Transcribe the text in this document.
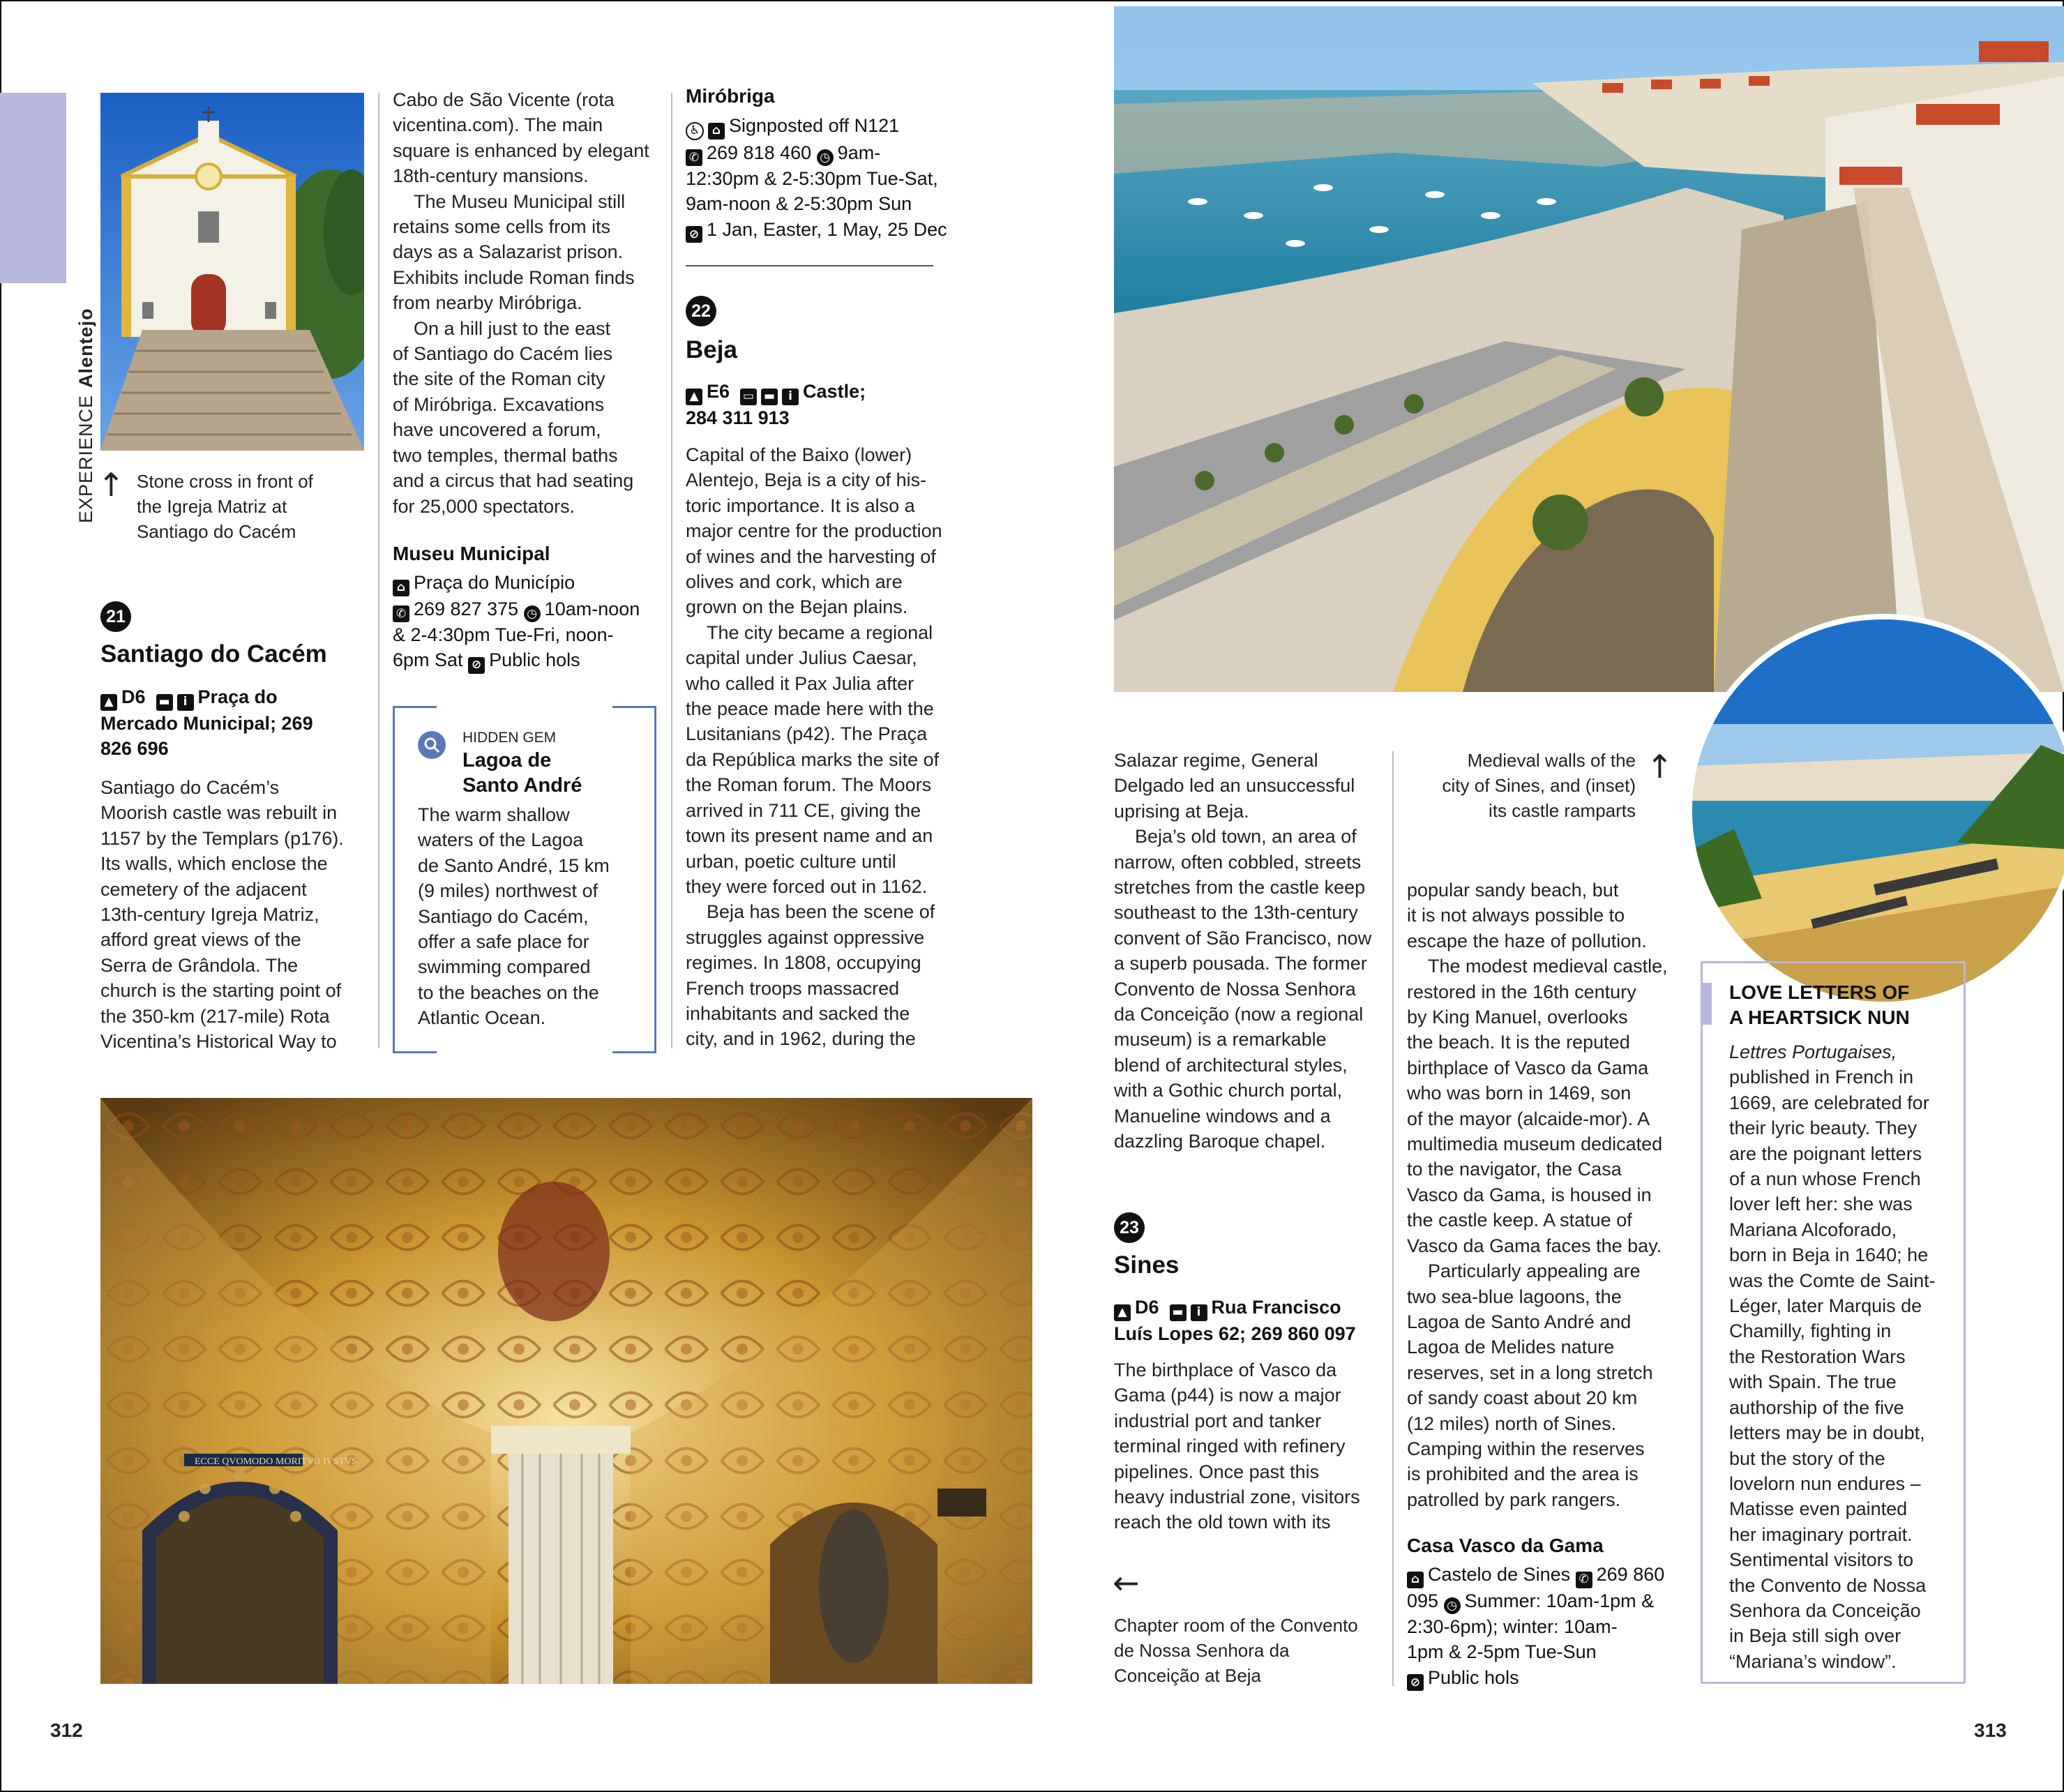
EXPERIENCEAlentejo
↑ Stone cross in front of
the Igreja Matriz at
Santiago do Cacém
21
Santiago do Cacém
▲ D6 ▬ i Praça do
Mercado Municipal; 269
826 696

Santiago do Cacém’s

Moorish castle was rebuilt in

1157 by the Templars (p176).

Its walls, which enclose the

cemetery of the adjacent

13th-century Igreja Matriz,

afford great views of the

Serra de Grândola. The

church is the starting point of

the 350-km (217-mile) Rota

Vicentina’s Historical Way to

Cabo de São Vicente (rota

vicentina.com). The main

square is enhanced by elegant

18th-century mansions.

The Museu Municipal still

retains some cells from its

days as a Salazarist prison.

Exhibits include Roman finds

from nearby Miróbriga.

On a hill just to the east

of Santiago do Cacém lies

the site of the Roman city

of Miróbriga. Excavations

have uncovered a forum,

two temples, thermal baths

and a circus that had seating

for 25,000 spectators.

Museu Municipal
⌂ Praça do Município
✆ 269 827 375 ◷ 10am-noon
& 2-4:30pm Tue-Fri, noon-
6pm Sat ⊘ Public hols
HIDDEN GEM
Lagoa de
Santo André

The warm shallow

waters of the Lagoa

de Santo André, 15 km

(9 miles) northwest of

Santiago do Cacém,

offer a safe place for

swimming compared

to the beaches on the

Atlantic Ocean.

Miróbriga
♿ ⌂ Signposted off N121
✆ 269 818 460 ◷ 9am-
12:30pm & 2-5:30pm Tue-Sat,
9am-noon & 2-5:30pm Sun
⊘ 1 Jan, Easter, 1 May, 25 Dec
22
Beja
▲ E6 ▭ ▬ i Castle;
284 311 913

Capital of the Baixo (lower)

Alentejo, Beja is a city of his-

toric importance. It is also a

major centre for the production

of wines and the harvesting of

olives and cork, which are

grown on the Bejan plains.

The city became a regional

capital under Julius Caesar,

who called it Pax Julia after

the peace made here with the

Lusitanians (p42). The Praça

da República marks the site of

the Roman forum. The Moors

arrived in 711 CE, giving the

town its present name and an

urban, poetic culture until

they were forced out in 1162.

Beja has been the scene of

struggles against oppressive

regimes. In 1808, occupying

French troops massacred

inhabitants and sacked the

city, and in 1962, during the

ECCE QVOMODO MORITVR IVSTVS
312

Salazar regime, General

Delgado led an unsuccessful

uprising at Beja.

Beja’s old town, an area of

narrow, often cobbled, streets

stretches from the castle keep

southeast to the 13th-century

convent of São Francisco, now

a superb pousada. The former

Convento de Nossa Senhora

da Conceição (now a regional

museum) is a remarkable

blend of architectural styles,

with a Gothic church portal,

Manueline windows and a

dazzling Baroque chapel.

23
Sines
▲ D6 ▬ i Rua Francisco
Luís Lopes 62; 269 860 097

The birthplace of Vasco da

Gama (p44) is now a major

industrial port and tanker

terminal ringed with refinery

pipelines. Once past this

heavy industrial zone, visitors

reach the old town with its

←
Chapter room of the Convento
de Nossa Senhora da
Conceição at Beja
Medieval walls of the
city of Sines, and (inset)
its castle ramparts
↑

popular sandy beach, but

it is not always possible to

escape the haze of pollution.

The modest medieval castle,

restored in the 16th century

by King Manuel, overlooks

the beach. It is the reputed

birthplace of Vasco da Gama

who was born in 1469, son

of the mayor (alcaide-mor). A

multimedia museum dedicated

to the navigator, the Casa

Vasco da Gama, is housed in

the castle keep. A statue of

Vasco da Gama faces the bay.

Particularly appealing are

two sea-blue lagoons, the

Lagoa de Santo André and

Lagoa de Melides nature

reserves, set in a long stretch

of sandy coast about 20 km

(12 miles) north of Sines.

Camping within the reserves

is prohibited and the area is

patrolled by park rangers.

Casa Vasco da Gama
⌂ Castelo de Sines ✆ 269 860
095 ◷ Summer: 10am-1pm &
2:30-6pm); winter: 10am-
1pm & 2-5pm Tue-Sun
⊘ Public hols
LOVE LETTERS OF
A HEARTSICK NUN

Lettres Portugaises,

published in French in

1669, are celebrated for

their lyric beauty. They

are the poignant letters

of a nun whose French

lover left her: she was

Mariana Alcoforado,

born in Beja in 1640; he

was the Comte de Saint-

Léger, later Marquis de

Chamilly, fighting in

the Restoration Wars

with Spain. The true

authorship of the five

letters may be in doubt,

but the story of the

lovelorn nun endures –

Matisse even painted

her imaginary portrait.

Sentimental visitors to

the Convento de Nossa

Senhora da Conceição

in Beja still sigh over

“Mariana’s window”.

313
